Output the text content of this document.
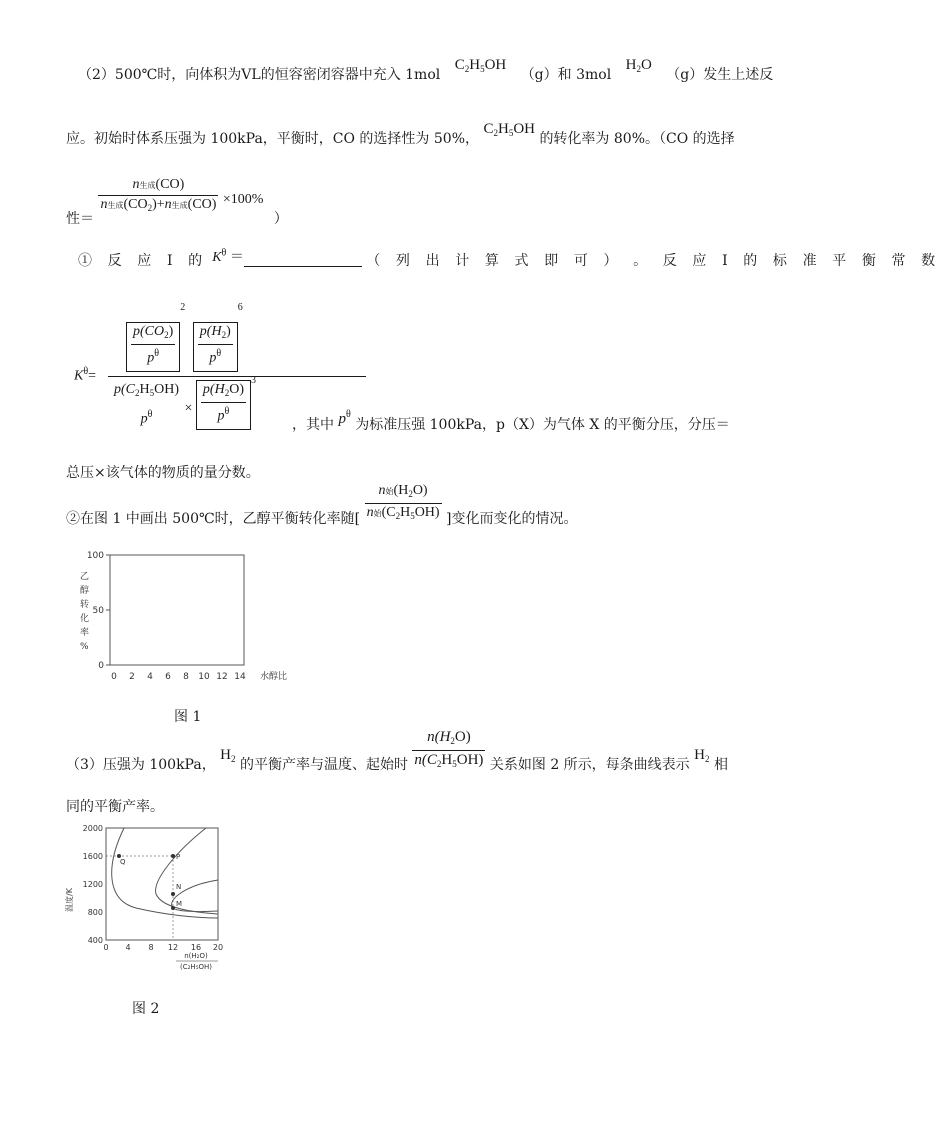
（2）500℃时，向体积为VL的恒容密闭容器中充入 1mol $C_2H_5OH$ （g）和 3mol $H_2O$ （g）发生上述反
应。初始时体系压强为 100kPa，平衡时，CO 的选择性为 50%， $C_2H_5OH$ 的转化率为 80%。（CO 的选择
性＝
$\frac{\text{n生成(CO)}}{n生成(CO_2)+n生成(CO)} \times 100\%$ ）
① 反 应 Ⅰ 的 $K^\theta$ ＝	（ 列 出 计 算 式 即 可 ） 。 反 应 Ⅰ 的 标 准 平 衡 常 数
$K^\theta=$
$\frac{p(CO_2)}{p^\theta}$
$^2$
$\frac{p(H_2)}{p^\theta}$
$^6$
$p(C_2H_5OH)$
$p^\theta \times \frac{p(H_2O)}{p^\theta}$
$^3$
，其中 $p^\theta$ 为标准压强 100kPa，p（X）为气体 X 的平衡分压，分压＝
总压×该气体的物质的量分数。
②在图 1 中画出 500℃时，乙醇平衡转化率随[ $\frac{n始(H_2O)}{n始(C_2H_5OH)}$ ]变化而变化的情况。
乙
醇
转
化
率
%
100
50
0
0 2 4 6 8 10 12 14 水醇比
图 1
（3）压强为 100kPa， $H_2$ 的平衡产率与温度、起始时 $\frac{n(H_2O)}{n(C_2H_5OH)}$ 关系如图 2 所示，每条曲线表示 $H_2$ 相
同的平衡产率。
温度/K
2000
1600
1200
800
400
0 4 8 12 16 20
Q
P
N
M
n(H₂O)
(C₂H₅OH)
图 2
